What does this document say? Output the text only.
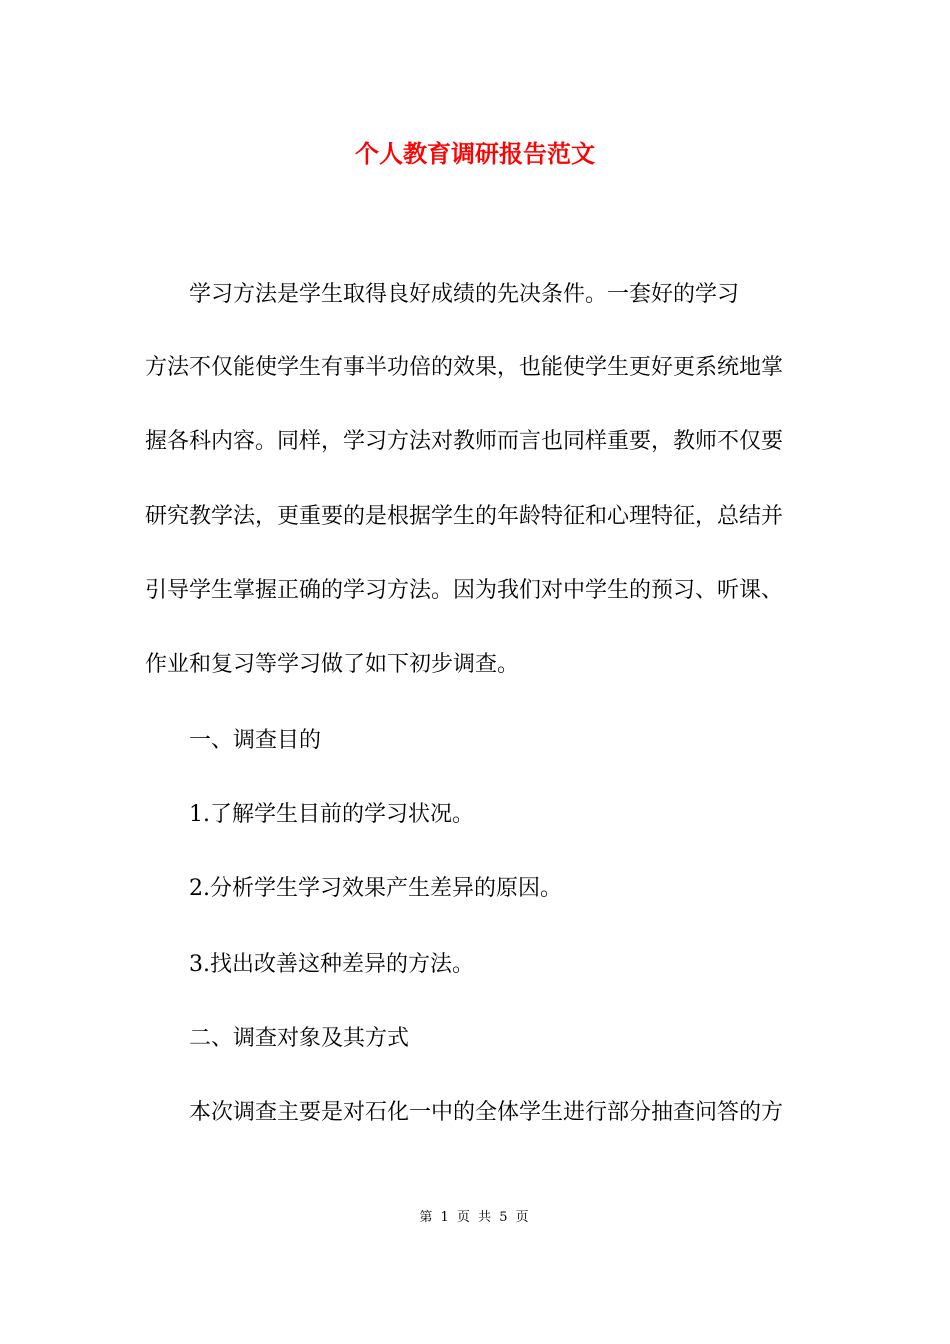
个人教育调研报告范文

　　学习方法是学生取得良好成绩的先决条件。一套好的学习

方法不仅能使学生有事半功倍的效果，也能使学生更好更系统地掌

握各科内容。同样，学习方法对教师而言也同样重要，教师不仅要

研究教学法，更重要的是根据学生的年龄特征和心理特征，总结并

引导学生掌握正确的学习方法。因为我们对中学生的预习、听课、

作业和复习等学习做了如下初步调查。

　　一、调查目的

　　1.了解学生目前的学习状况。

　　2.分析学生学习效果产生差异的原因。

　　3.找出改善这种差异的方法。

　　二、调查对象及其方式

　　本次调查主要是对石化一中的全体学生进行部分抽查问答的方

第 1 页 共 5 页
